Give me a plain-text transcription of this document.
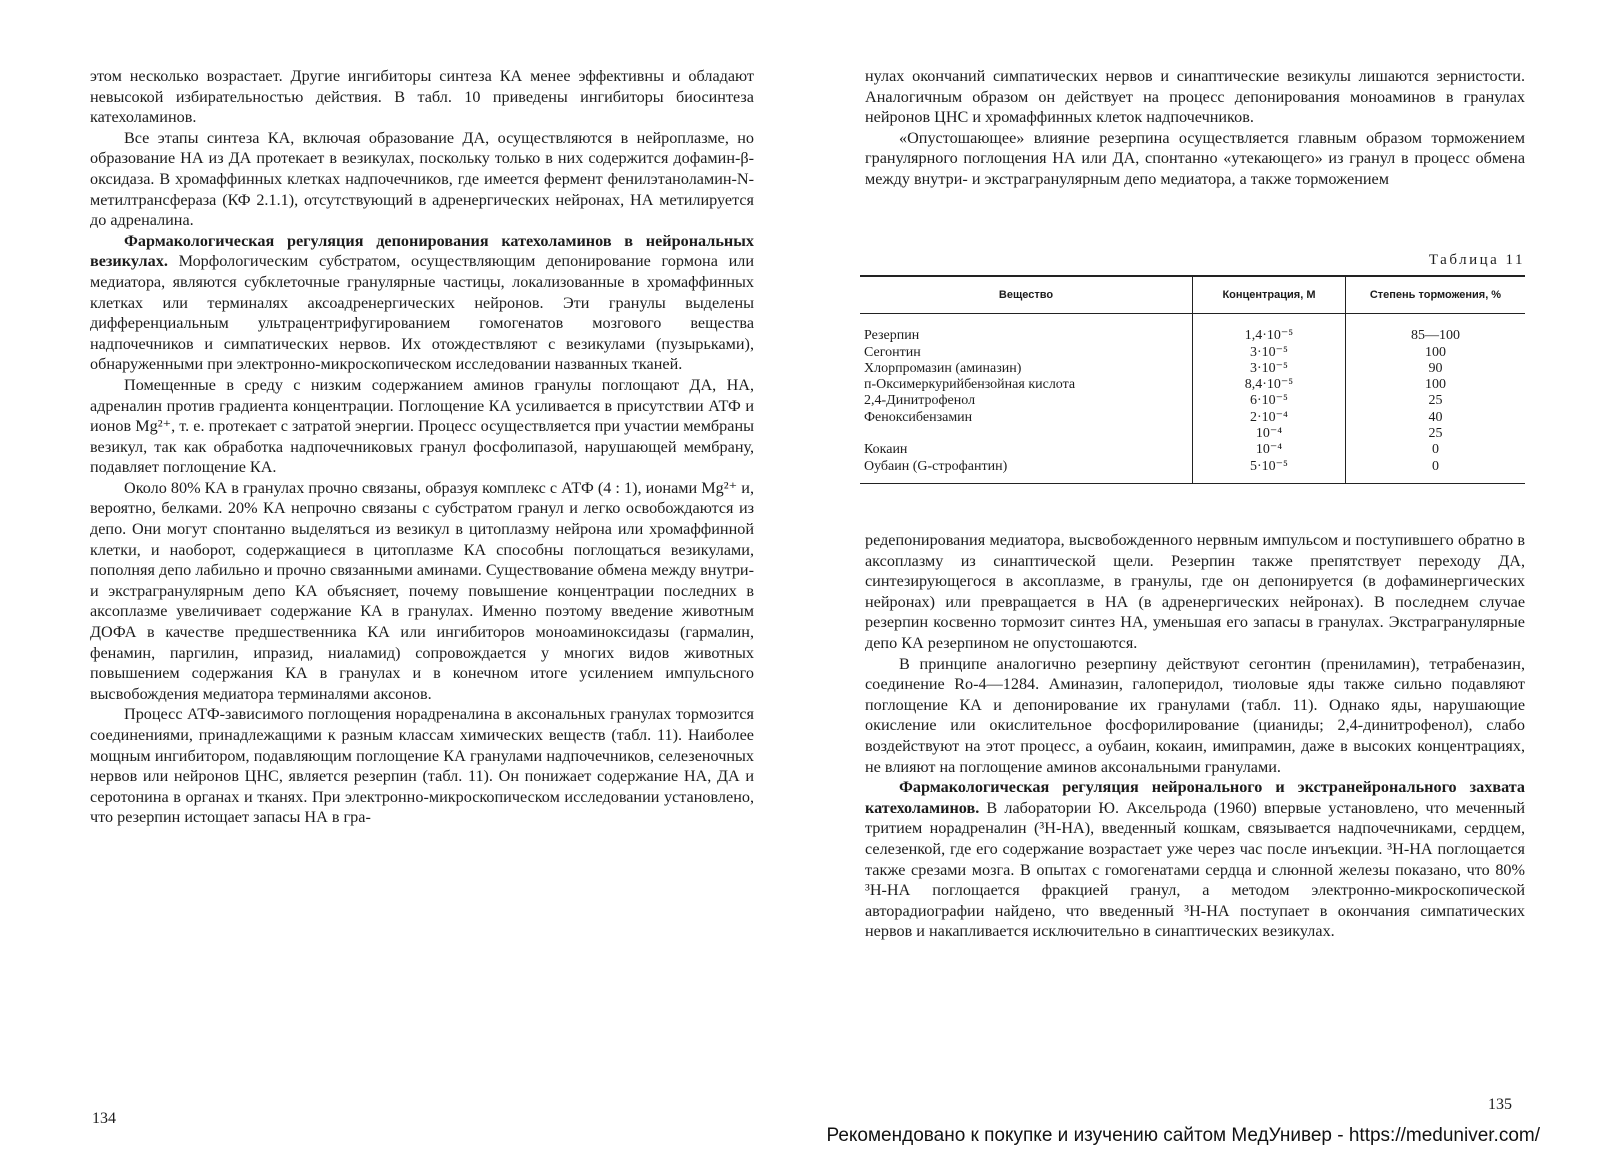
этом несколько возрастает. Другие ингибиторы синтеза КА менее эффективны и обладают невысокой избирательностью действия. В табл. 10 приведены ингибиторы биосинтеза катехоламинов.

Все этапы синтеза КА, включая образование ДА, осуществляются в нейроплазме, но образование НА из ДА протекает в везикулах, поскольку только в них содержится дофамин-β-оксидаза. В хромаффинных клетках надпочечников, где имеется фермент фенилэтаноламин-N-метилтрансфераза (КФ 2.1.1), отсутствующий в адренергических нейронах, НА метилируется до адреналина.

Фармакологическая регуляция депонирования катехоламинов в нейрональных везикулах. Морфологическим субстратом, осуществляющим депонирование гормона или медиатора, являются субклеточные гранулярные частицы, локализованные в хромаффинных клетках или терминалях аксоадренергических нейронов. Эти гранулы выделены дифференциальным ультрацентрифугированием гомогенатов мозгового вещества надпочечников и симпатических нервов. Их отождествляют с везикулами (пузырьками), обнаруженными при электронно-микроскопическом исследовании названных тканей.

Помещенные в среду с низким содержанием аминов гранулы поглощают ДА, НА, адреналин против градиента концентрации. Поглощение КА усиливается в присутствии АТФ и ионов Mg²⁺, т. е. протекает с затратой энергии. Процесс осуществляется при участии мембраны везикул, так как обработка надпочечниковых гранул фосфолипазой, нарушающей мембрану, подавляет поглощение КА.

Около 80% КА в гранулах прочно связаны, образуя комплекс с АТФ (4 : 1), ионами Mg²⁺ и, вероятно, белками. 20% КА непрочно связаны с субстратом гранул и легко освобождаются из депо. Они могут спонтанно выделяться из везикул в цитоплазму нейрона или хромаффинной клетки, и наоборот, содержащиеся в цитоплазме КА способны поглощаться везикулами, пополняя депо лабильно и прочно связанными аминами. Существование обмена между внутри- и экстрагранулярным депо КА объясняет, почему повышение концентрации последних в аксоплазме увеличивает содержание КА в гранулах. Именно поэтому введение животным ДОФА в качестве предшественника КА или ингибиторов моноаминоксидазы (гармалин, фенамин, паргилин, ипразид, ниаламид) сопровождается у многих видов животных повышением содержания КА в гранулах и в конечном итоге усилением импульсного высвобождения медиатора терминалями аксонов.

Процесс АТФ-зависимого поглощения норадреналина в аксональных гранулах тормозится соединениями, принадлежащими к разным классам химических веществ (табл. 11). Наиболее мощным ингибитором, подавляющим поглощение КА гранулами надпочечников, селезеночных нервов или нейронов ЦНС, является резерпин (табл. 11). Он понижает содержание НА, ДА и серотонина в органах и тканях. При электронно-микроскопическом исследовании установлено, что резерпин истощает запасы НА в гра-

134

нулах окончаний симпатических нервов и синаптические везикулы лишаются зернистости. Аналогичным образом он действует на процесс депонирования моноаминов в гранулах нейронов ЦНС и хромаффинных клеток надпочечников.

«Опустошающее» влияние резерпина осуществляется главным образом торможением гранулярного поглощения НА или ДА, спонтанно «утекающего» из гранул в процесс обмена между внутри- и экстрагранулярным депо медиатора, а также торможением

Таблица 11
Вещество	Концентрация, М	Степень торможения, %
Резерпин	1,4·10⁻⁵	85—100
Сегонтин	3·10⁻⁵	100
Хлорпромазин (аминазин)	3·10⁻⁵	90
п-Оксимеркурийбензойная кислота	8,4·10⁻⁵	100
2,4-Динитрофенол	6·10⁻⁵	25
Феноксибензамин	2·10⁻⁴	40
	10⁻⁴	25
Кокаин	10⁻⁴	0
Оубаин (G-строфантин)	5·10⁻⁵	0

редепонирования медиатора, высвобожденного нервным импульсом и поступившего обратно в аксоплазму из синаптической щели. Резерпин также препятствует переходу ДА, синтезирующегося в аксоплазме, в гранулы, где он депонируется (в дофаминергических нейронах) или превращается в НА (в адренергических нейронах). В последнем случае резерпин косвенно тормозит синтез НА, уменьшая его запасы в гранулах. Экстрагранулярные депо КА резерпином не опустошаются.

В принципе аналогично резерпину действуют сегонтин (прениламин), тетрабеназин, соединение Ro-4—1284. Аминазин, галоперидол, тиоловые яды также сильно подавляют поглощение КА и депонирование их гранулами (табл. 11). Однако яды, нарушающие окисление или окислительное фосфорилирование (цианиды; 2,4-динитрофенол), слабо воздействуют на этот процесс, а оубаин, кокаин, имипрамин, даже в высоких концентрациях, не влияют на поглощение аминов аксональными гранулами.

Фармакологическая регуляция нейронального и экстранейронального захвата катехоламинов. В лаборатории Ю. Аксельрода (1960) впервые установлено, что меченный тритием норадреналин (³Н-НА), введенный кошкам, связывается надпочечниками, сердцем, селезенкой, где его содержание возрастает уже через час после инъекции. ³Н-НА поглощается также срезами мозга. В опытах с гомогенатами сердца и слюнной железы показано, что 80% ³Н-НА поглощается фракцией гранул, а методом электронно-микроскопической авторадиографии найдено, что введенный ³Н-НА поступает в окончания симпатических нервов и накапливается исключительно в синаптических везикулах.

135
Рекомендовано к покупке и изучению сайтом МедУнивер - https://meduniver.com/
